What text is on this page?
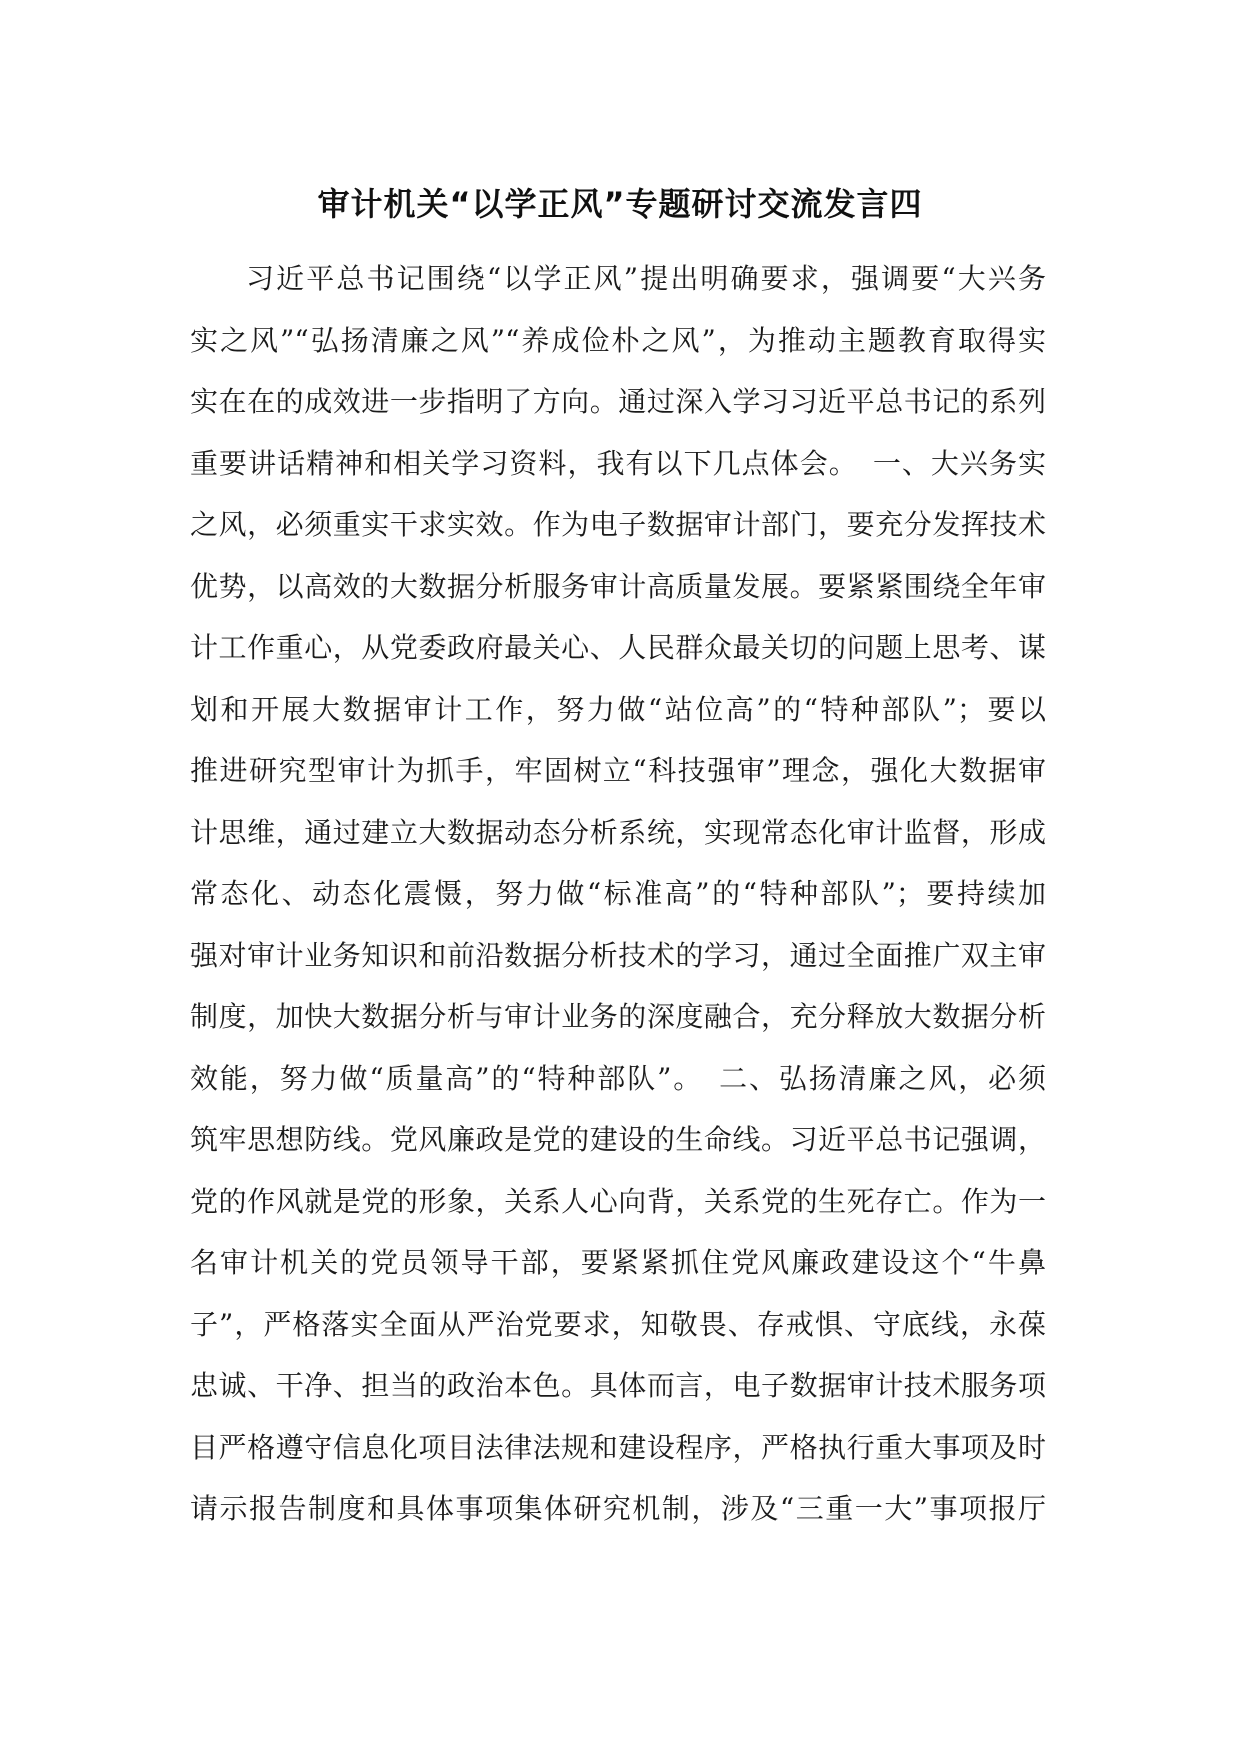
审计机关“以学正风”专题研讨交流发言四
习近平总书记围绕“以学正风”提出明确要求，强调要“大兴务
实之风”“弘扬清廉之风”“养成俭朴之风”，为推动主题教育取得实
实在在的成效进一步指明了方向。通过深入学习习近平总书记的系列
重要讲话精神和相关学习资料，我有以下几点体会。　一、大兴务实
之风，必须重实干求实效。作为电子数据审计部门，要充分发挥技术
优势，以高效的大数据分析服务审计高质量发展。要紧紧围绕全年审
计工作重心，从党委政府最关心、人民群众最关切的问题上思考、谋
划和开展大数据审计工作，努力做“站位高”的“特种部队”；要以
推进研究型审计为抓手，牢固树立“科技强审”理念，强化大数据审
计思维，通过建立大数据动态分析系统，实现常态化审计监督，形成
常态化、动态化震慑，努力做“标准高”的“特种部队”；要持续加
强对审计业务知识和前沿数据分析技术的学习，通过全面推广双主审
制度，加快大数据分析与审计业务的深度融合，充分释放大数据分析
效能，努力做“质量高”的“特种部队”。　二、弘扬清廉之风，必须
筑牢思想防线。党风廉政是党的建设的生命线。习近平总书记强调，
党的作风就是党的形象，关系人心向背，关系党的生死存亡。作为一
名审计机关的党员领导干部，要紧紧抓住党风廉政建设这个“牛鼻
子”，严格落实全面从严治党要求，知敬畏、存戒惧、守底线，永葆
忠诚、干净、担当的政治本色。具体而言，电子数据审计技术服务项
目严格遵守信息化项目法律法规和建设程序，严格执行重大事项及时
请示报告制度和具体事项集体研究机制，涉及“三重一大”事项报厅
